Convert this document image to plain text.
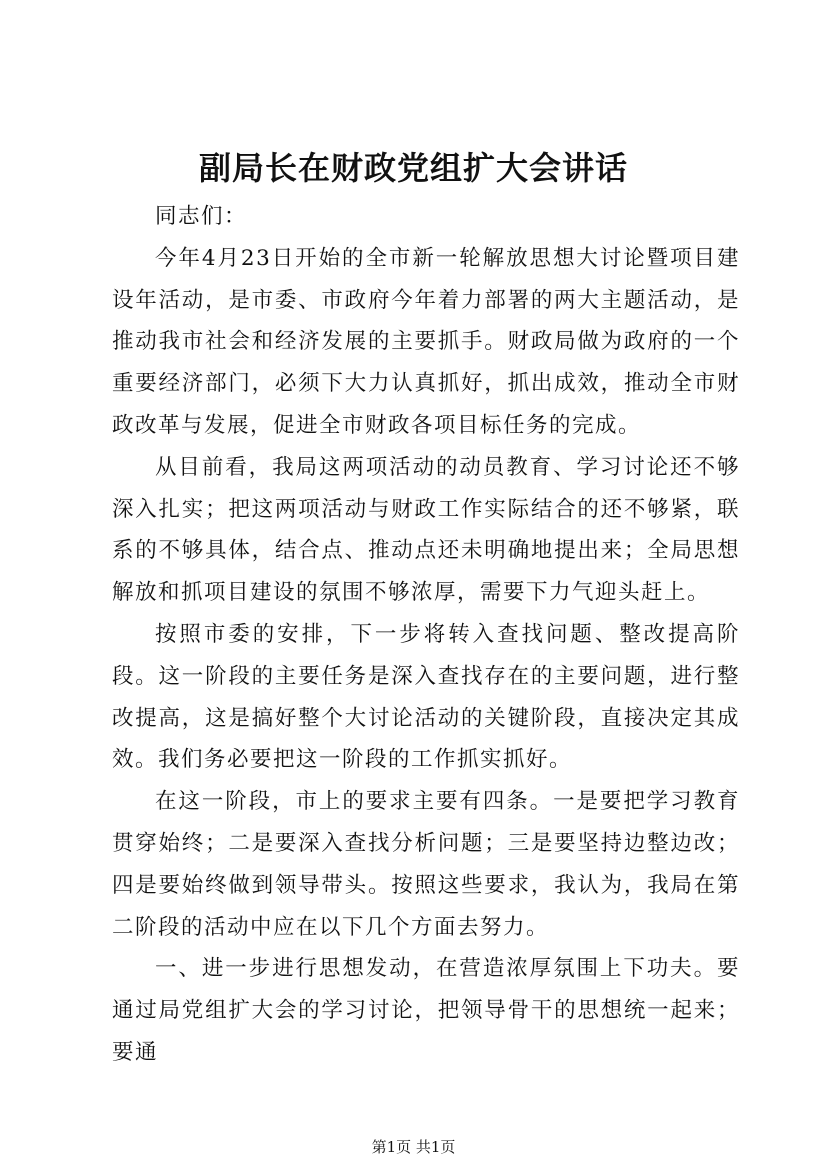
副局长在财政党组扩大会讲话

同志们：

今年4月23日开始的全市新一轮解放思想大讨论暨项目建设年活动，是市委、市政府今年着力部署的两大主题活动，是推动我市社会和经济发展的主要抓手。财政局做为政府的一个重要经济部门，必须下大力认真抓好，抓出成效，推动全市财政改革与发展，促进全市财政各项目标任务的完成。

从目前看，我局这两项活动的动员教育、学习讨论还不够深入扎实；把这两项活动与财政工作实际结合的还不够紧，联系的不够具体，结合点、推动点还未明确地提出来；全局思想解放和抓项目建设的氛围不够浓厚，需要下力气迎头赶上。

按照市委的安排，下一步将转入查找问题、整改提高阶段。这一阶段的主要任务是深入查找存在的主要问题，进行整改提高，这是搞好整个大讨论活动的关键阶段，直接决定其成效。我们务必要把这一阶段的工作抓实抓好。

在这一阶段，市上的要求主要有四条。一是要把学习教育贯穿始终；二是要深入查找分析问题；三是要坚持边整边改；四是要始终做到领导带头。按照这些要求，我认为，我局在第二阶段的活动中应在以下几个方面去努力。

一、进一步进行思想发动，在营造浓厚氛围上下功夫。要通过局党组扩大会的学习讨论，把领导骨干的思想统一起来；要通

第1页 共1页
